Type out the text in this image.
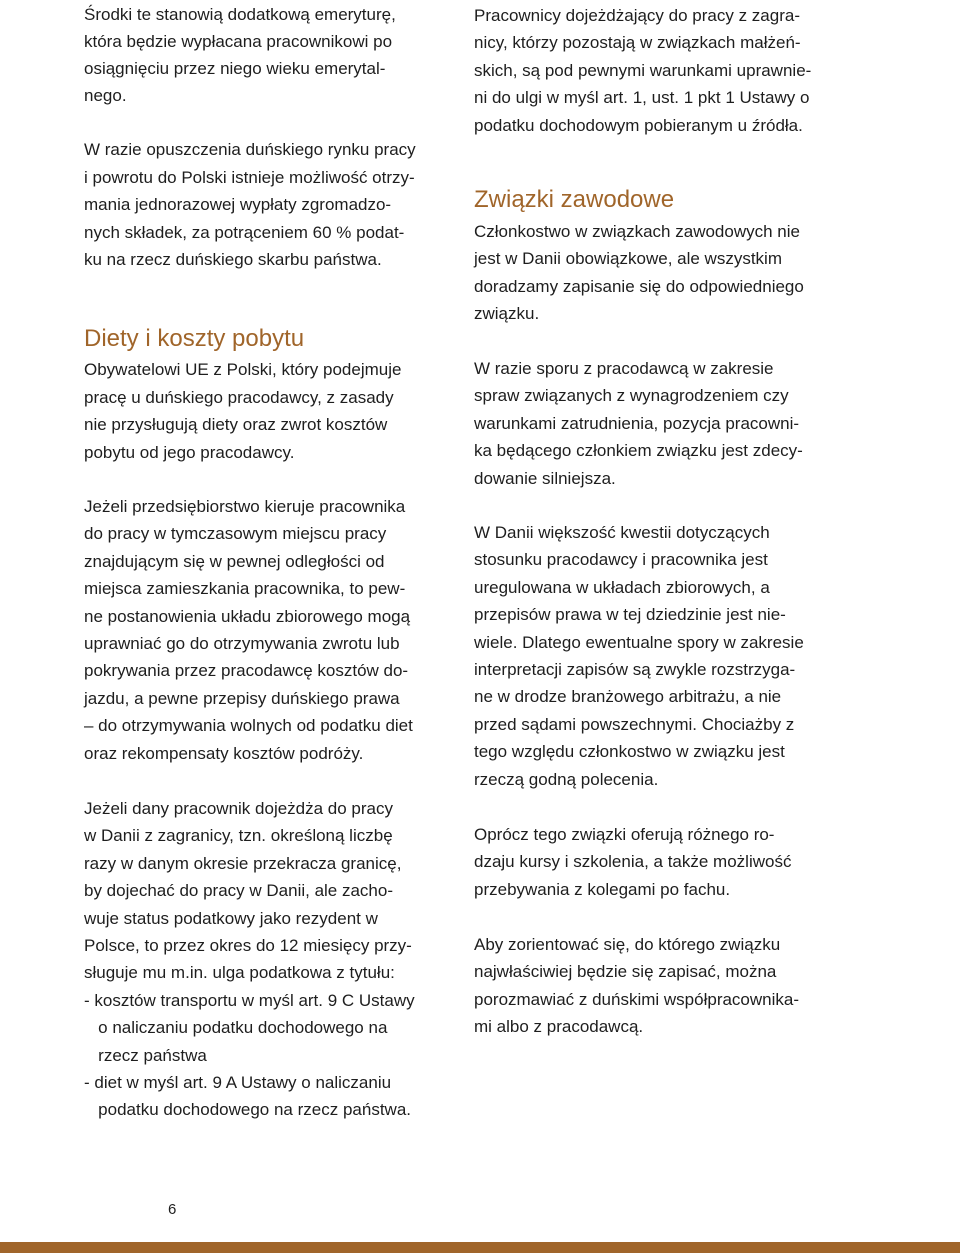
Środki te stanowią dodatkową emeryturę,
która będzie wypłacana pracownikowi po
osiągnięciu przez niego wieku emerytal-
nego.
W razie opuszczenia duńskiego rynku pracy
i powrotu do Polski istnieje możliwość otrzy-
mania jednorazowej wypłaty zgromadzo-
nych składek, za potrąceniem 60 % podat-
ku na rzecz duńskiego skarbu państwa.
Diety i koszty pobytu
Obywatelowi UE z Polski, który podejmuje
pracę u duńskiego pracodawcy, z zasady
nie przysługują diety oraz zwrot kosztów
pobytu od jego pracodawcy.
Jeżeli przedsiębiorstwo kieruje pracownika
do pracy w tymczasowym miejscu pracy
znajdującym się w pewnej odległości od
miejsca zamieszkania pracownika, to pew-
ne postanowienia układu zbiorowego mogą
uprawniać go do otrzymywania zwrotu lub
pokrywania przez pracodawcę kosztów do-
jazdu, a pewne przepisy duńskiego prawa
– do otrzymywania wolnych od podatku diet
oraz rekompensaty kosztów podróży.
Jeżeli dany pracownik dojeżdża do pracy
w Danii z zagranicy, tzn. określoną liczbę
razy w danym okresie przekracza granicę,
by dojechać do pracy w Danii, ale zacho-
wuje status podatkowy jako rezydent w
Polsce, to przez okres do 12 miesięcy przy-
sługuje mu m.in. ulga podatkowa z tytułu:
- kosztów transportu w myśl art. 9 C Ustawy
o naliczaniu podatku dochodowego na
rzecz państwa
- diet w myśl art. 9 A Ustawy o naliczaniu
podatku dochodowego na rzecz państwa.
6
Pracownicy dojeżdżający do pracy z zagra-
nicy, którzy pozostają w związkach małżeń-
skich, są pod pewnymi warunkami uprawnie-
ni do ulgi w myśl art. 1, ust. 1 pkt 1 Ustawy o
podatku dochodowym pobieranym u źródła.
Związki zawodowe
Członkostwo w związkach zawodowych nie
jest w Danii obowiązkowe, ale wszystkim
doradzamy zapisanie się do odpowiedniego
związku.
W razie sporu z pracodawcą w zakresie
spraw związanych z wynagrodzeniem czy
warunkami zatrudnienia, pozycja pracowni-
ka będącego członkiem związku jest zdecy-
dowanie silniejsza.
W Danii większość kwestii dotyczących
stosunku pracodawcy i pracownika jest
uregulowana w układach zbiorowych, a
przepisów prawa w tej dziedzinie jest nie-
wiele. Dlatego ewentualne spory w zakresie
interpretacji zapisów są zwykle rozstrzyga-
ne w drodze branżowego arbitrażu, a nie
przed sądami powszechnymi. Chociażby z
tego względu członkostwo w związku jest
rzeczą godną polecenia.
Oprócz tego związki oferują różnego ro-
dzaju kursy i szkolenia, a także możliwość
przebywania z kolegami po fachu.
Aby zorientować się, do którego związku
najwłaściwiej będzie się zapisać, można
porozmawiać z duńskimi współpracownika-
mi albo z pracodawcą.
